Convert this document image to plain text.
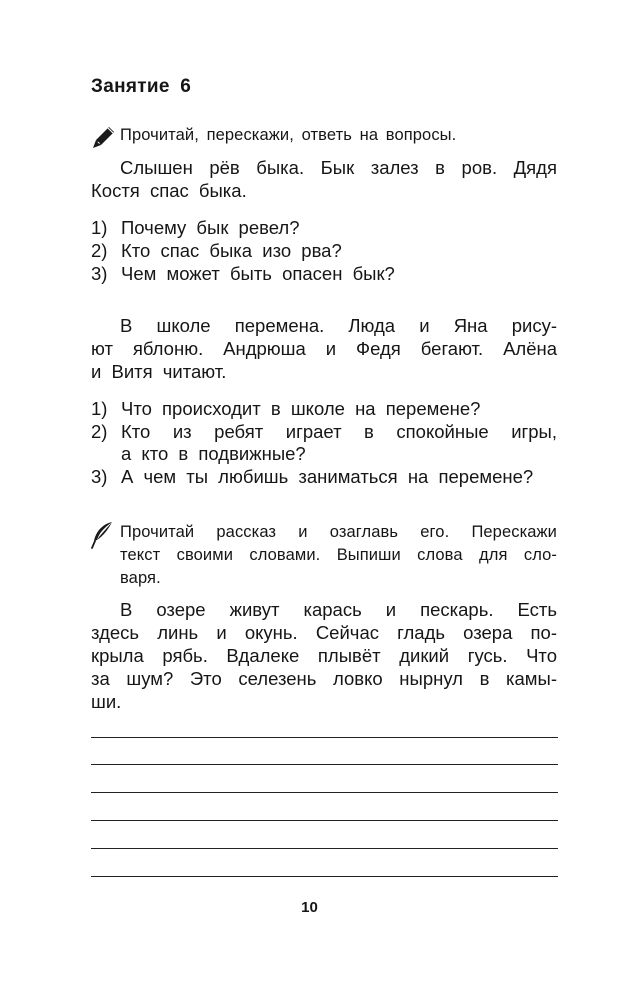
Занятие 6
Прочитай, перескажи, ответь на вопросы.
Слышен рёв быка. Бык залез в ров. Дядя
Костя спас быка.
1) Почему бык ревел?
2) Кто спас быка изо рва?
3) Чем может быть опасен бык?
В школе перемена. Люда и Яна рису-
ют яблоню. Андрюша и Федя бегают. Алёна
и Витя читают.
1) Что происходит в школе на перемене?
2) Кто из ребят играет в спокойные игры,
а кто в подвижные?
3) А чем ты любишь заниматься на перемене?
Прочитай рассказ и озаглавь его. Перескажи
текст своими словами. Выпиши слова для сло-
варя.
В озере живут карась и пескарь. Есть
здесь линь и окунь. Сейчас гладь озера по-
крыла рябь. Вдалеке плывёт дикий гусь. Что
за шум? Это селезень ловко нырнул в камы-
ши.
10
